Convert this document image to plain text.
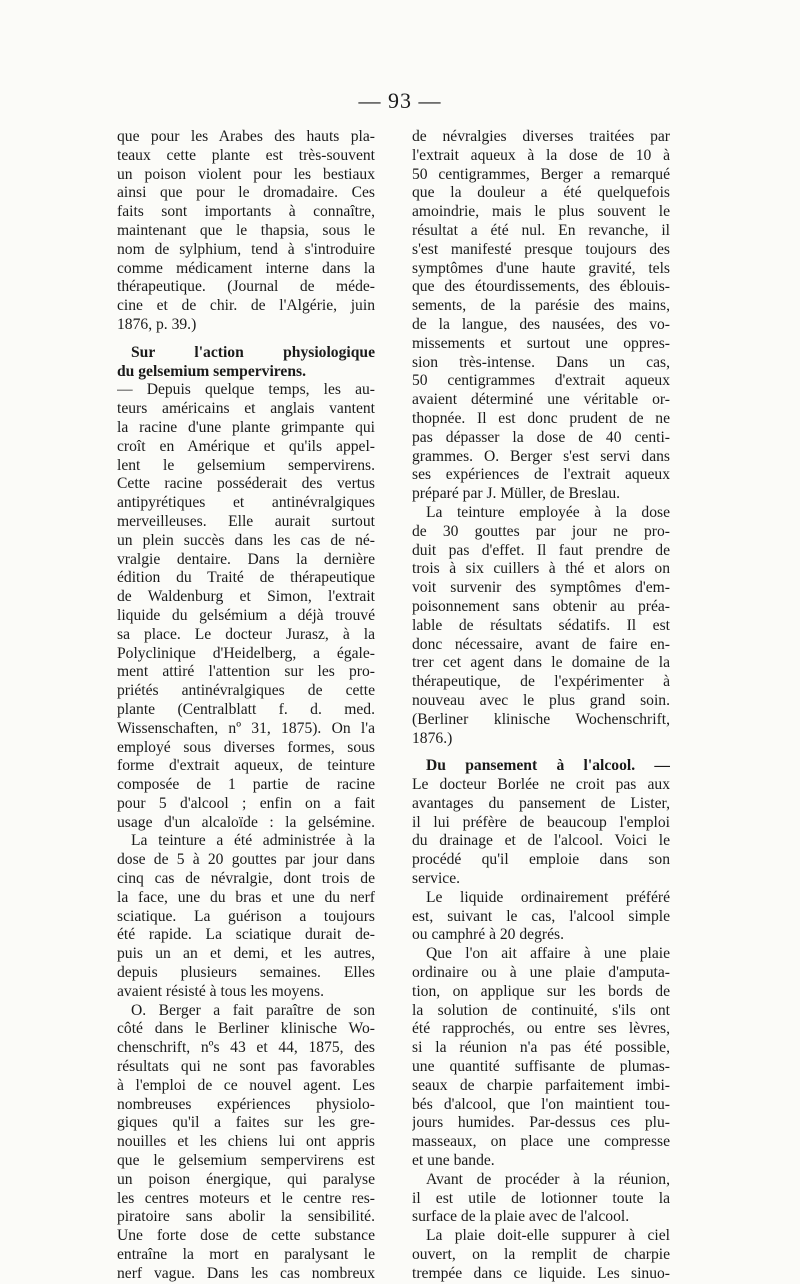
— 93 —
que pour les Arabes des hauts pla-
teaux cette plante est très-souvent
un poison violent pour les bestiaux
ainsi que pour le dromadaire. Ces
faits sont importants à connaître,
maintenant que le thapsia, sous le
nom de sylphium, tend à s'introduire
comme médicament interne dans la
thérapeutique. (Journal de méde-
cine et de chir. de l'Algérie, juin
1876, p. 39.)
Sur l'action physiologique
du gelsemium sempervirens.
— Depuis quelque temps, les au-
teurs américains et anglais vantent
la racine d'une plante grimpante qui
croît en Amérique et qu'ils appel-
lent le gelsemium sempervirens.
Cette racine posséderait des vertus
antipyrétiques et antinévralgiques
merveilleuses. Elle aurait surtout
un plein succès dans les cas de né-
vralgie dentaire. Dans la dernière
édition du Traité de thérapeutique
de Waldenburg et Simon, l'extrait
liquide du gelsémium a déjà trouvé
sa place. Le docteur Jurasz, à la
Polyclinique d'Heidelberg, a égale-
ment attiré l'attention sur les pro-
priétés antinévralgiques de cette
plante (Centralblatt f. d. med.
Wissenschaften, nº 31, 1875). On l'a
employé sous diverses formes, sous
forme d'extrait aqueux, de teinture
composée de 1 partie de racine
pour 5 d'alcool ; enfin on a fait
usage d'un alcaloïde : la gelsémine.
La teinture a été administrée à la
dose de 5 à 20 gouttes par jour dans
cinq cas de névralgie, dont trois de
la face, une du bras et une du nerf
sciatique. La guérison a toujours
été rapide. La sciatique durait de-
puis un an et demi, et les autres,
depuis plusieurs semaines. Elles
avaient résisté à tous les moyens.
O. Berger a fait paraître de son
côté dans le Berliner klinische Wo-
chenschrift, nºs 43 et 44, 1875, des
résultats qui ne sont pas favorables
à l'emploi de ce nouvel agent. Les
nombreuses expériences physiolo-
giques qu'il a faites sur les gre-
nouilles et les chiens lui ont appris
que le gelsemium sempervirens est
un poison énergique, qui paralyse
les centres moteurs et le centre res-
piratoire sans abolir la sensibilité.
Une forte dose de cette substance
entraîne la mort en paralysant le
nerf vague. Dans les cas nombreux
de névralgies diverses traitées par
l'extrait aqueux à la dose de 10 à
50 centigrammes, Berger a remarqué
que la douleur a été quelquefois
amoindrie, mais le plus souvent le
résultat a été nul. En revanche, il
s'est manifesté presque toujours des
symptômes d'une haute gravité, tels
que des étourdissements, des éblouis-
sements, de la parésie des mains,
de la langue, des nausées, des vo-
missements et surtout une oppres-
sion très-intense. Dans un cas,
50 centigrammes d'extrait aqueux
avaient déterminé une véritable or-
thopnée. Il est donc prudent de ne
pas dépasser la dose de 40 centi-
grammes. O. Berger s'est servi dans
ses expériences de l'extrait aqueux
préparé par J. Müller, de Breslau.
La teinture employée à la dose
de 30 gouttes par jour ne pro-
duit pas d'effet. Il faut prendre de
trois à six cuillers à thé et alors on
voit survenir des symptômes d'em-
poisonnement sans obtenir au préa-
lable de résultats sédatifs. Il est
donc nécessaire, avant de faire en-
trer cet agent dans le domaine de la
thérapeutique, de l'expérimenter à
nouveau avec le plus grand soin.
(Berliner klinische Wochenschrift,
1876.)
Du pansement à l'alcool. —
Le docteur Borlée ne croit pas aux
avantages du pansement de Lister,
il lui préfère de beaucoup l'emploi
du drainage et de l'alcool. Voici le
procédé qu'il emploie dans son
service.
Le liquide ordinairement préféré
est, suivant le cas, l'alcool simple
ou camphré à 20 degrés.
Que l'on ait affaire à une plaie
ordinaire ou à une plaie d'amputa-
tion, on applique sur les bords de
la solution de continuité, s'ils ont
été rapprochés, ou entre ses lèvres,
si la réunion n'a pas été possible,
une quantité suffisante de plumas-
seaux de charpie parfaitement imbi-
bés d'alcool, que l'on maintient tou-
jours humides. Par-dessus ces plu-
masseaux, on place une compresse
et une bande.
Avant de procéder à la réunion,
il est utile de lotionner toute la
surface de la plaie avec de l'alcool.
La plaie doit-elle suppurer à ciel
ouvert, on la remplit de charpie
trempée dans ce liquide. Les sinuo-
